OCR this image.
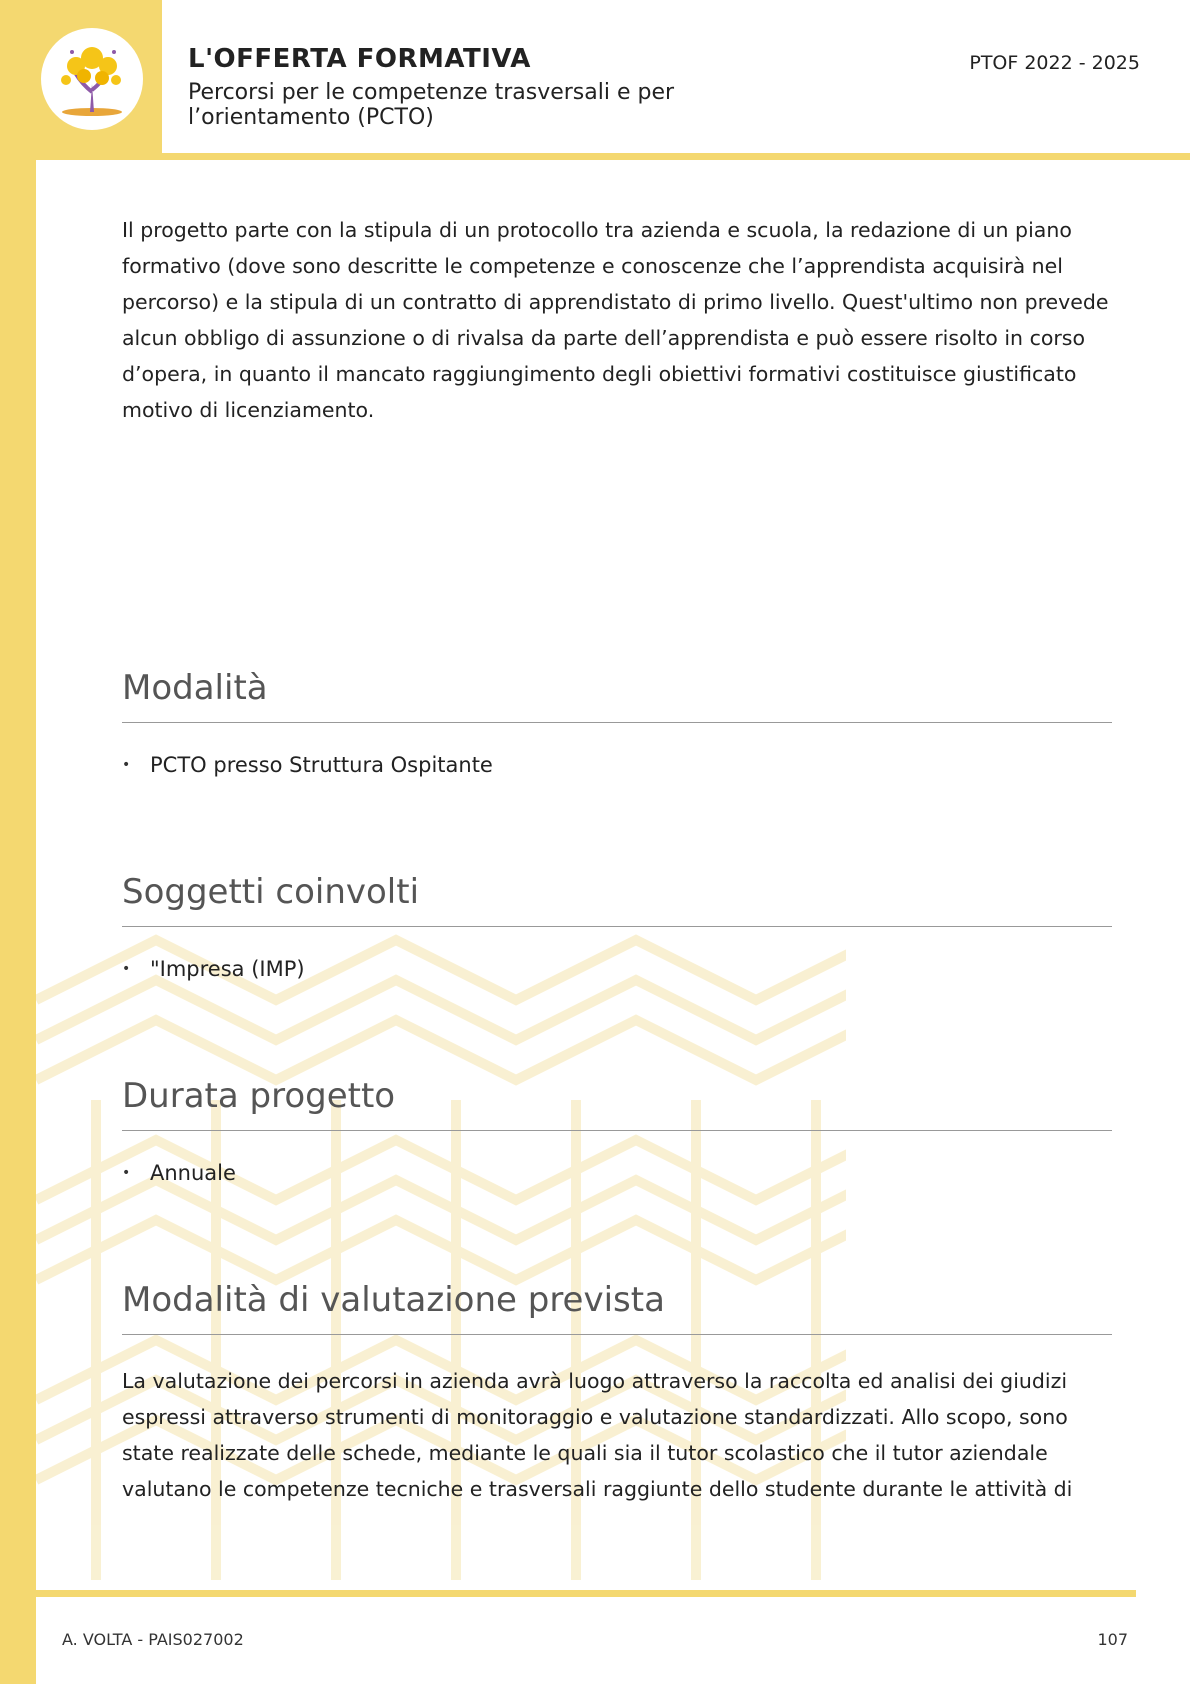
L'OFFERTA FORMATIVA
Percorsi per le competenze trasversali e per l’orientamento (PCTO)
PTOF 2022 - 2025

Il progetto parte con la stipula di un protocollo tra azienda e scuola, la redazione di un piano formativo (dove sono descritte le competenze e conoscenze che l’apprendista acquisirà nel percorso) e la stipula di un contratto di apprendistato di primo livello. Quest'ultimo non prevede alcun obbligo di assunzione o di rivalsa da parte dell’apprendista e può essere risolto in corso d’opera, in quanto il mancato raggiungimento degli obiettivi formativi costituisce giustificato motivo di licenziamento.

Modalità
• PCTO presso Struttura Ospitante
Soggetti coinvolti
• "Impresa (IMP)
Durata progetto
• Annuale
Modalità di valutazione prevista

La valutazione dei percorsi in azienda avrà luogo attraverso la raccolta ed analisi dei giudizi espressi attraverso strumenti di monitoraggio e valutazione standardizzati. Allo scopo, sono state realizzate delle schede, mediante le quali sia il tutor scolastico che il tutor aziendale valutano le competenze tecniche e trasversali raggiunte dello studente durante le attività di

A. VOLTA - PAIS027002	107
